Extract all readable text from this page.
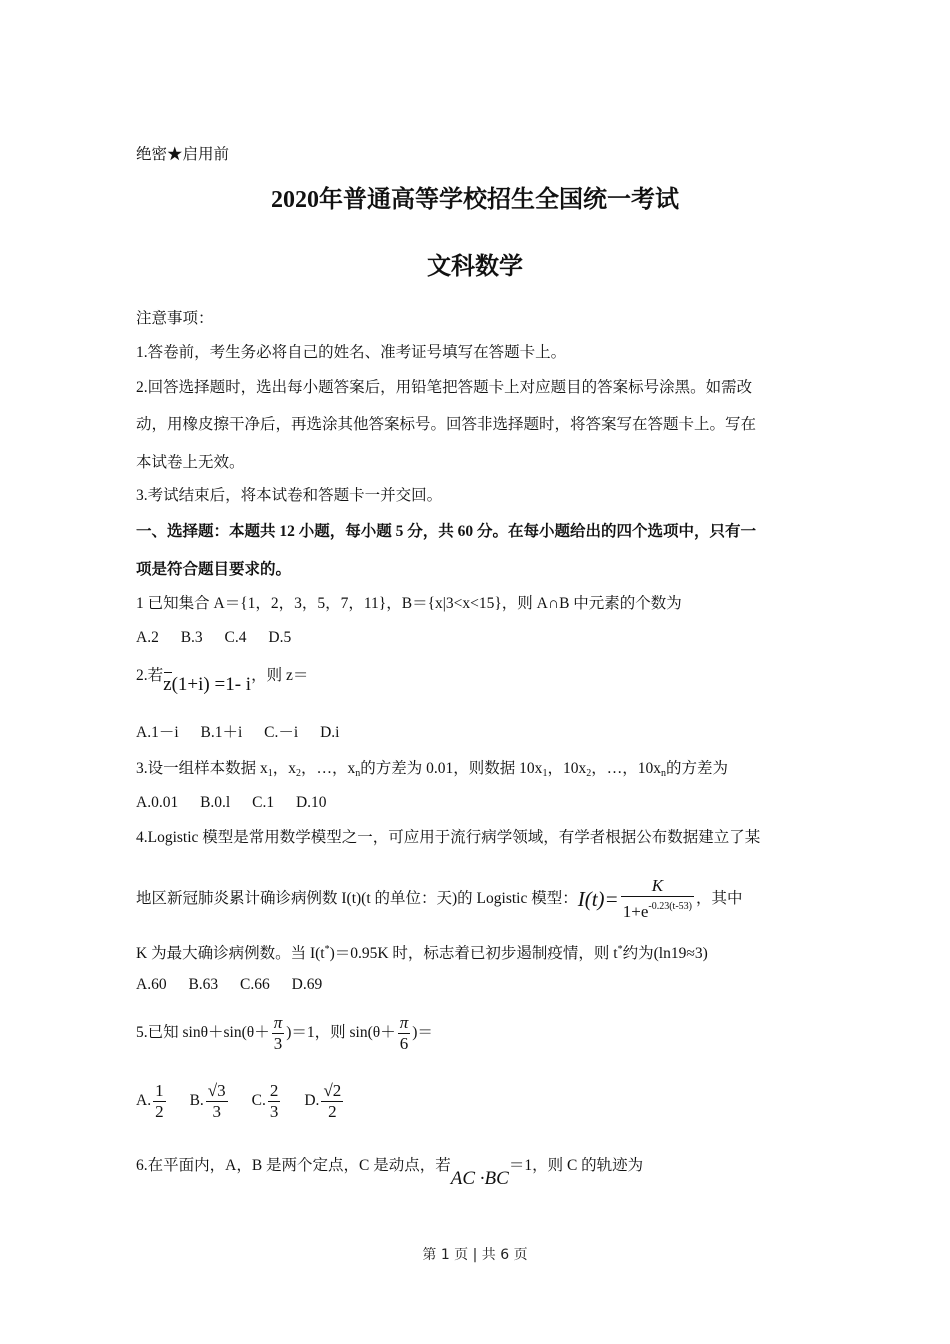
绝密★启用前
2020年普通高等学校招生全国统一考试
文科数学
注意事项：
1.答卷前，考生务必将自己的姓名、准考证号填写在答题卡上。
2.回答选择题时，选出每小题答案后，用铅笔把答题卡上对应题目的答案标号涂黑。如需改
动，用橡皮擦干净后，再选涂其他答案标号。回答非选择题时，将答案写在答题卡上。写在
本试卷上无效。
3.考试结束后，将本试卷和答题卡一并交回。
一、选择题：本题共 12 小题，每小题 5 分，共 60 分。在每小题给出的四个选项中，只有一
项是符合题目要求的。
1 已知集合 A＝{1，2，3，5，7，11}，B＝{x|3<x<15}，则 A∩B 中元素的个数为
A.2 B.3 C.4 D.5
2.若
z(1+i) =1- i，则 z＝
A.1－i B.1＋i C.－i D.i
3.设一组样本数据 $x_1$，$x_2$，…，$x_n$的方差为 0.01，则数据 $10x_1$，$10x_2$，…，$10x_n$的方差为
A.0.01 B.0.l C.1 D.10
4.Logistic 模型是常用数学模型之一，可应用于流行病学领域，有学者根据公布数据建立了某
地区新冠肺炎累计确诊病例数 I(t)(t 的单位：天)的 Logistic 模型： $I(t)= \frac{K}{1+e^{-0.23(t-53)}}$ ，其中
K 为最大确诊病例数。当 I(t*)＝0.95K 时，标志着已初步遏制疫情，则 t*约为(ln19≈3)
A.60 B.63 C.66 D.69
5.已知 $\sin\theta+\sin(\theta+ \frac{\pi}{3} )=1$，则 $\sin(\theta+ \frac{\pi}{6}$ )＝
A. $\frac{1}{2} B$. $\frac{√3}{3} C$. $\frac{2}{3} D$. $\frac{√2}{2}$
6.在平面内，A，B 是两个定点，C 是动点，若AC ·BC＝1，则 C 的轨迹为
第 1 页 | 共 6 页
